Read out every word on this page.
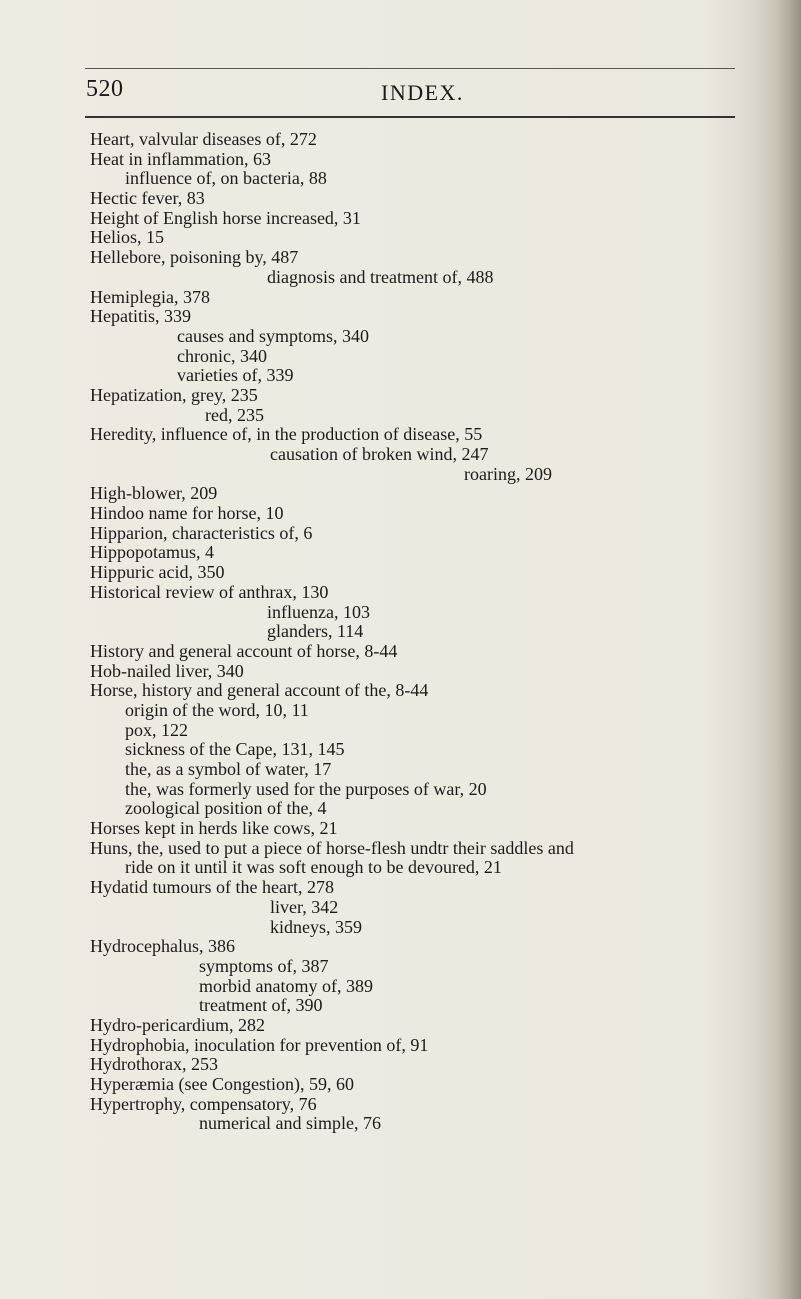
520	INDEX.
Heart, valvular diseases of, 272
Heat in inflammation, 63
influence of, on bacteria, 88
Hectic fever, 83
Height of English horse increased, 31
Helios, 15
Hellebore, poisoning by, 487
diagnosis and treatment of, 488
Hemiplegia, 378
Hepatitis, 339
causes and symptoms, 340
chronic, 340
varieties of, 339
Hepatization, grey, 235
red, 235
Heredity, influence of, in the production of disease, 55
causation of broken wind, 247
roaring, 209
High-blower, 209
Hindoo name for horse, 10
Hipparion, characteristics of, 6
Hippopotamus, 4
Hippuric acid, 350
Historical review of anthrax, 130
influenza, 103
glanders, 114
History and general account of horse, 8-44
Hob-nailed liver, 340
Horse, history and general account of the, 8-44
origin of the word, 10, 11
pox, 122
sickness of the Cape, 131, 145
the, as a symbol of water, 17
the, was formerly used for the purposes of war, 20
zoological position of the, 4
Horses kept in herds like cows, 21
Huns, the, used to put a piece of horse-flesh undtr their saddles and
ride on it until it was soft enough to be devoured, 21
Hydatid tumours of the heart, 278
liver, 342
kidneys, 359
Hydrocephalus, 386
symptoms of, 387
morbid anatomy of, 389
treatment of, 390
Hydro-pericardium, 282
Hydrophobia, inoculation for prevention of, 91
Hydrothorax, 253
Hyperæmia (see Congestion), 59, 60
Hypertrophy, compensatory, 76
numerical and simple, 76
